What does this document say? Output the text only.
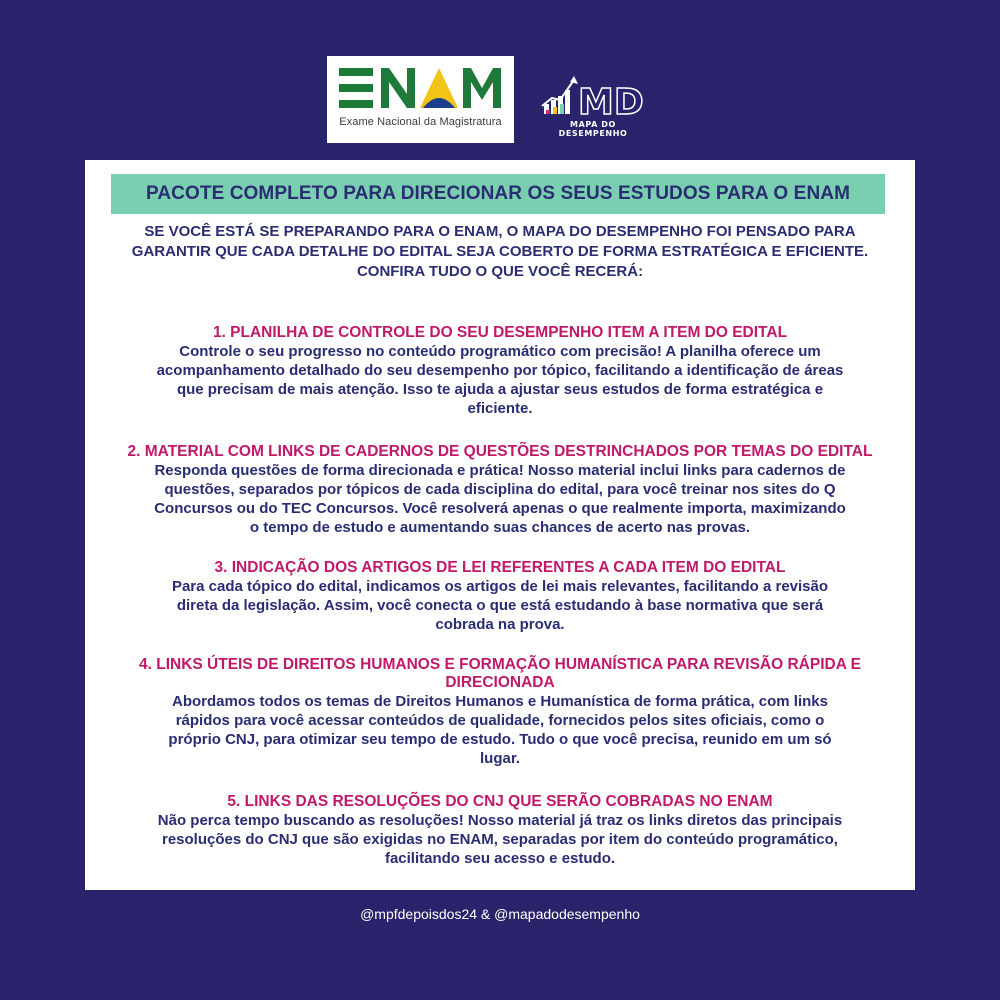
Exame Nacional da Magistratura	MD
MAPA DO DESEMPENHO
PACOTE COMPLETO PARA DIRECIONAR OS SEUS ESTUDOS PARA O ENAM
SE VOCÊ ESTÁ SE PREPARANDO PARA O ENAM, O MAPA DO DESEMPENHO FOI PENSADO PARA
GARANTIR QUE CADA DETALHE DO EDITAL SEJA COBERTO DE FORMA ESTRATÉGICA E EFICIENTE.
CONFIRA TUDO O QUE VOCÊ RECERÁ:
1. PLANILHA DE CONTROLE DO SEU DESEMPENHO ITEM A ITEM DO EDITAL
Controle o seu progresso no conteúdo programático com precisão! A planilha oferece um
acompanhamento detalhado do seu desempenho por tópico, facilitando a identificação de áreas
que precisam de mais atenção. Isso te ajuda a ajustar seus estudos de forma estratégica e
eficiente.
2. MATERIAL COM LINKS DE CADERNOS DE QUESTÕES DESTRINCHADOS POR TEMAS DO EDITAL
Responda questões de forma direcionada e prática! Nosso material inclui links para cadernos de
questões, separados por tópicos de cada disciplina do edital, para você treinar nos sites do Q
Concursos ou do TEC Concursos. Você resolverá apenas o que realmente importa, maximizando
o tempo de estudo e aumentando suas chances de acerto nas provas.
3. INDICAÇÃO DOS ARTIGOS DE LEI REFERENTES A CADA ITEM DO EDITAL
Para cada tópico do edital, indicamos os artigos de lei mais relevantes, facilitando a revisão
direta da legislação. Assim, você conecta o que está estudando à base normativa que será
cobrada na prova.
4. LINKS ÚTEIS DE DIREITOS HUMANOS E FORMAÇÃO HUMANÍSTICA PARA REVISÃO RÁPIDA E
DIRECIONADA
Abordamos todos os temas de Direitos Humanos e Humanística de forma prática, com links
rápidos para você acessar conteúdos de qualidade, fornecidos pelos sites oficiais, como o
próprio CNJ, para otimizar seu tempo de estudo. Tudo o que você precisa, reunido em um só
lugar.
5. LINKS DAS RESOLUÇÕES DO CNJ QUE SERÃO COBRADAS NO ENAM
Não perca tempo buscando as resoluções! Nosso material já traz os links diretos das principais
resoluções do CNJ que são exigidas no ENAM, separadas por item do conteúdo programático,
facilitando seu acesso e estudo.
@mpfdepoisdos24 & @mapadodesempenho
